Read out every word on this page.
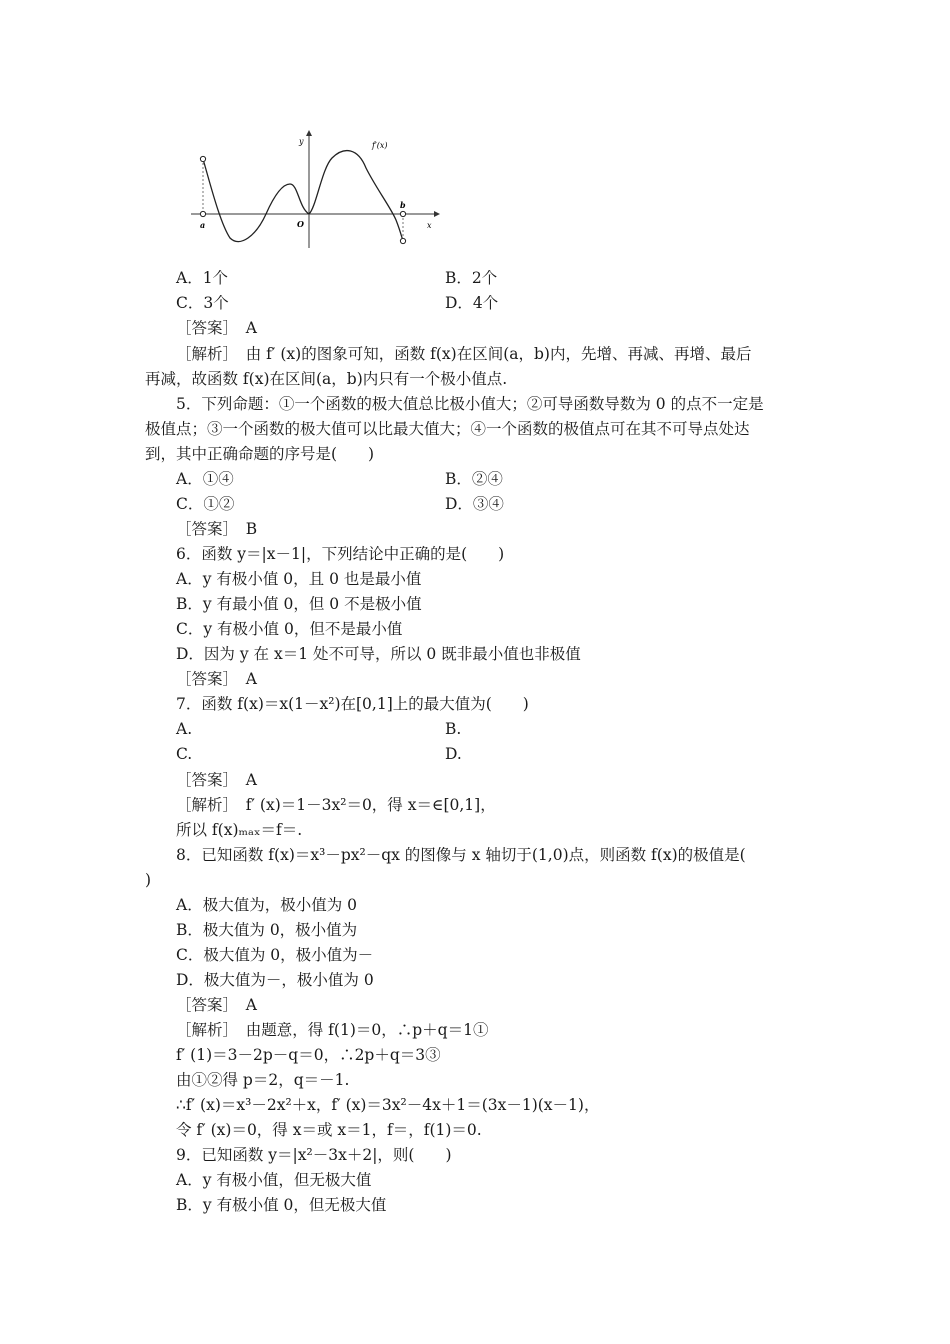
f′(x)
y
x
O
a
b
A．1个	B．2个
C．3个	D．4个
［答案］　A
［解析］　由 f′ (x)的图象可知，函数 f(x)在区间(a，b)内，先增、再减、再增、最后
再减，故函数 f(x)在区间(a，b)内只有一个极小值点.
5．下列命题：①一个函数的极大值总比极小值大；②可导函数导数为 0 的点不一定是
极值点；③一个函数的极大值可以比最大值大；④一个函数的极值点可在其不可导点处达
到，其中正确命题的序号是(　　)
A．①④	B．②④
C．①②	D．③④
［答案］　B
6．函数 y＝|x－1|，下列结论中正确的是(　　)
A．y 有极小值 0，且 0 也是最小值
B．y 有最小值 0，但 0 不是极小值
C．y 有极小值 0，但不是最小值
D．因为 y 在 x＝1 处不可导，所以 0 既非最小值也非极值
［答案］　A
7．函数 f(x)＝x(1－x²)在[0,1]上的最大值为(　　)
A.	B.
C.	D.
［答案］　A
［解析］　f′ (x)＝1－3x²＝0，得 x＝∈[0,1]，
所以 f(x)ₘₐₓ＝f＝.
8．已知函数 f(x)＝x³－px²－qx 的图像与 x 轴切于(1,0)点，则函数 f(x)的极值是(
)
A．极大值为，极小值为 0
B．极大值为 0，极小值为
C．极大值为 0，极小值为－
D．极大值为－，极小值为 0
［答案］　A
［解析］　由题意，得 f(1)＝0，∴p＋q＝1①
f′ (1)＝3－2p－q＝0，∴2p＋q＝3③
由①②得 p＝2，q＝－1.
∴f′ (x)＝x³－2x²＋x，f′ (x)＝3x²－4x＋1＝(3x－1)(x－1)，
令 f′ (x)＝0，得 x＝或 x＝1，f＝，f(1)＝0.
9．已知函数 y＝|x²－3x＋2|，则(　　)
A．y 有极小值，但无极大值
B．y 有极小值 0，但无极大值
